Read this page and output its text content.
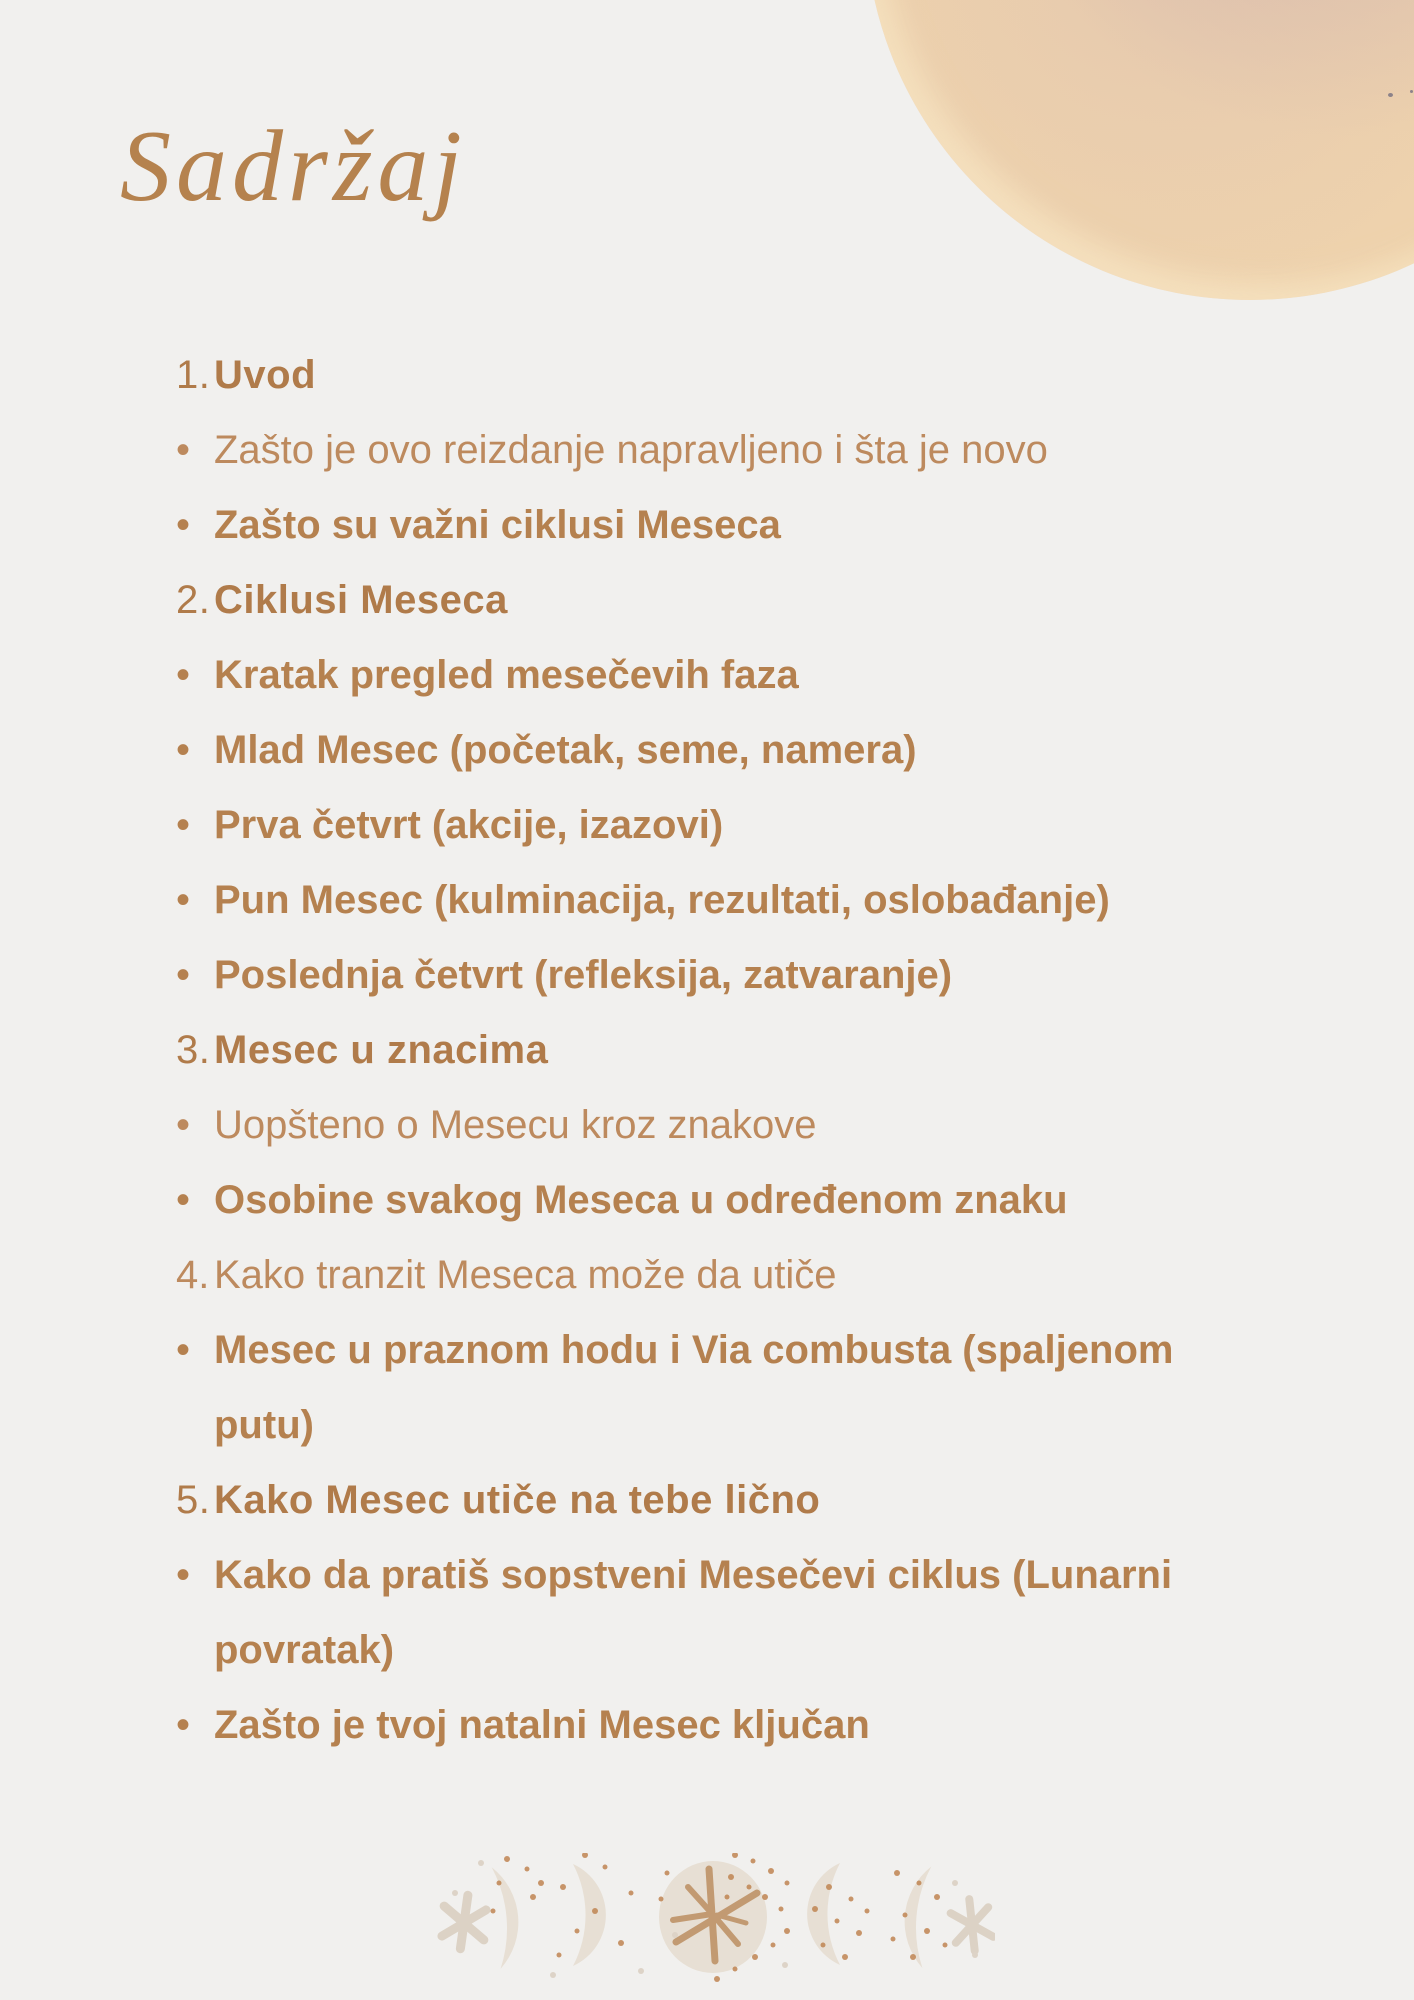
Sadržaj
1.Uvod
• Zašto je ovo reizdanje napravljeno i šta je novo
• Zašto su važni ciklusi Meseca
2.Ciklusi Meseca
• Kratak pregled mesečevih faza
• Mlad Mesec (početak, seme, namera)
• Prva četvrt (akcije, izazovi)
• Pun Mesec (kulminacija, rezultati, oslobađanje)
• Poslednja četvrt (refleksija, zatvaranje)
3.Mesec u znacima
• Uopšteno o Mesecu kroz znakove
• Osobine svakog Meseca u određenom znaku
4. Kako tranzit Meseca može da utiče
• Mesec u praznom hodu i Via combusta (spaljenom putu)
5.Kako Mesec utiče na tebe lično
• Kako da pratiš sopstveni Mesečevi ciklus (Lunarni povratak)
• Zašto je tvoj natalni Mesec ključan
